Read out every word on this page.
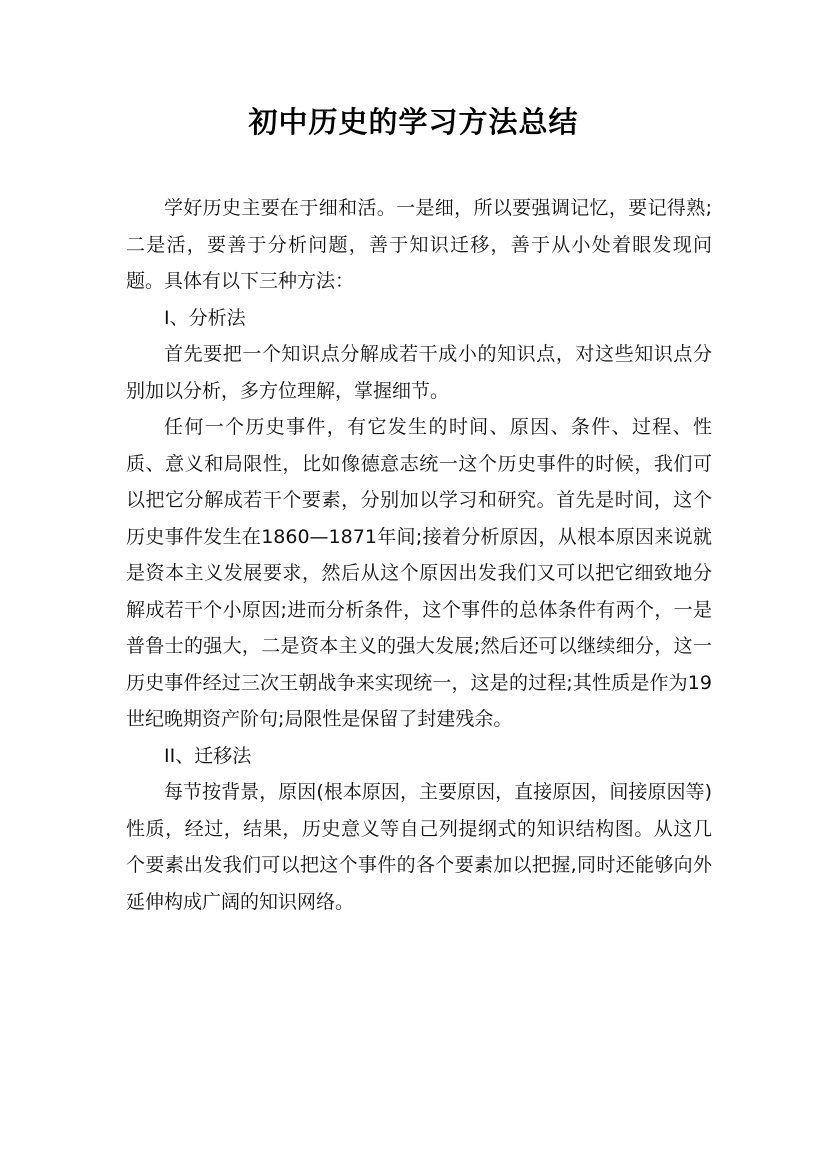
初中历史的学习方法总结

学好历史主要在于细和活。一是细，所以要强调记忆，要记得熟;二是活，要善于分析问题，善于知识迁移，善于从小处着眼发现问题。具体有以下三种方法：

I、分析法

首先要把一个知识点分解成若干成小的知识点，对这些知识点分别加以分析，多方位理解，掌握细节。

任何一个历史事件，有它发生的时间、原因、条件、过程、性质、意义和局限性，比如像德意志统一这个历史事件的时候，我们可以把它分解成若干个要素，分别加以学习和研究。首先是时间，这个历史事件发生在1860—1871年间;接着分析原因，从根本原因来说就是资本主义发展要求，然后从这个原因出发我们又可以把它细致地分解成若干个小原因;进而分析条件，这个事件的总体条件有两个，一是普鲁士的强大，二是资本主义的强大发展;然后还可以继续细分，这一历史事件经过三次王朝战争来实现统一，这是的过程;其性质是作为19世纪晚期资产阶句;局限性是保留了封建残余。

II、迁移法

每节按背景，原因(根本原因，主要原因，直接原因，间接原因等)性质，经过，结果，历史意义等自己列提纲式的知识结构图。从这几个要素出发我们可以把这个事件的各个要素加以把握,同时还能够向外延伸构成广阔的知识网络。
